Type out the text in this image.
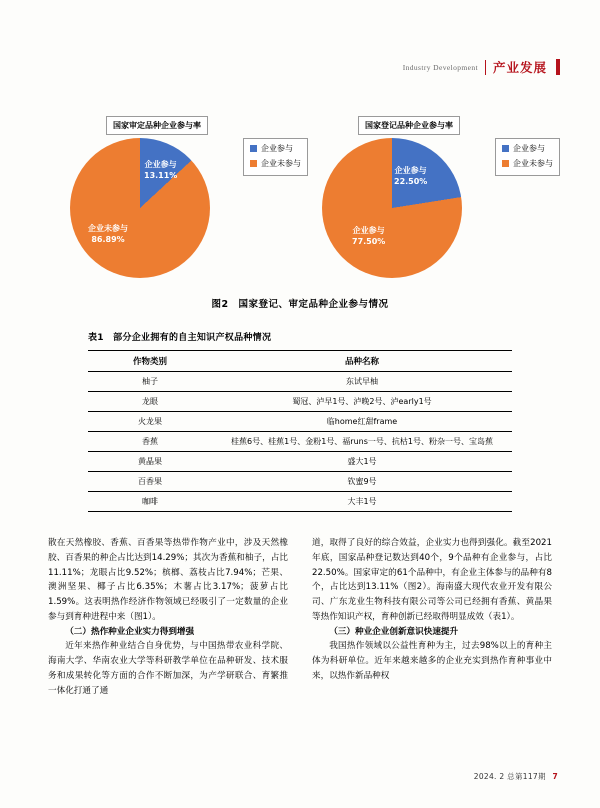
Industry Development 产业发展
国家审定品种企业参与率
企业参与
13.11%
企业未参与
86.89%
企业参与
企业未参与
国家登记品种企业参与率
企业参与
22.50%
企业参与
77.50%
企业参与
企业未参与
图2　国家登记、审定品种企业参与情况
表1　部分企业拥有的自主知识产权品种情况
作物类别	品种名称
柚子	东试早柚
龙眼	蜀冠、泸早1号、泸晚2号、泸early1号
火龙果	临home红甜frame
香蕉	桂蕉6号、桂蕉1号、金粉1号、福runs一号、抗枯1号、粉杂一号、宝岛蕉
黄晶果	盛大1号
百香果	钦蜜9号
咖啡	大丰1号

散在天然橡胶、香蕉、百香果等热带作物产业中，涉及天然橡胶、百香果的种企占比达到14.29%；其次为香蕉和柚子，占比11.11%；龙眼占比9.52%；槟榔、荔枝占比7.94%；芒果、澳洲坚果、椰子占比6.35%；木薯占比3.17%；菠萝占比1.59%。这表明热作经济作物领域已经吸引了一定数量的企业参与到育种进程中来（图1）。

（二）热作种业企业实力得到增强

近年来热作种业结合自身优势，与中国热带农业科学院、海南大学、华南农业大学等科研教学单位在品种研发、技术服务和成果转化等方面的合作不断加深，为产学研联合、育繁推一体化打通了通

道，取得了良好的综合效益，企业实力也得到强化。截至2021年底，国家品种登记数达到40个，9个品种有企业参与，占比22.50%。国家审定的61个品种中，有企业主体参与的品种有8个，占比达到13.11%（图2）。海南盛大现代农业开发有限公司、广东龙业生物科技有限公司等公司已经拥有香蕉、黄晶果等热作知识产权，育种创新已经取得明显成效（表1）。

（三）种业企业创新意识快速提升

我国热作领域以公益性育种为主，过去98%以上的育种主体为科研单位。近年来越来越多的企业充实到热作育种事业中来，以热作新品种权

2024. 2 总第117期 7
